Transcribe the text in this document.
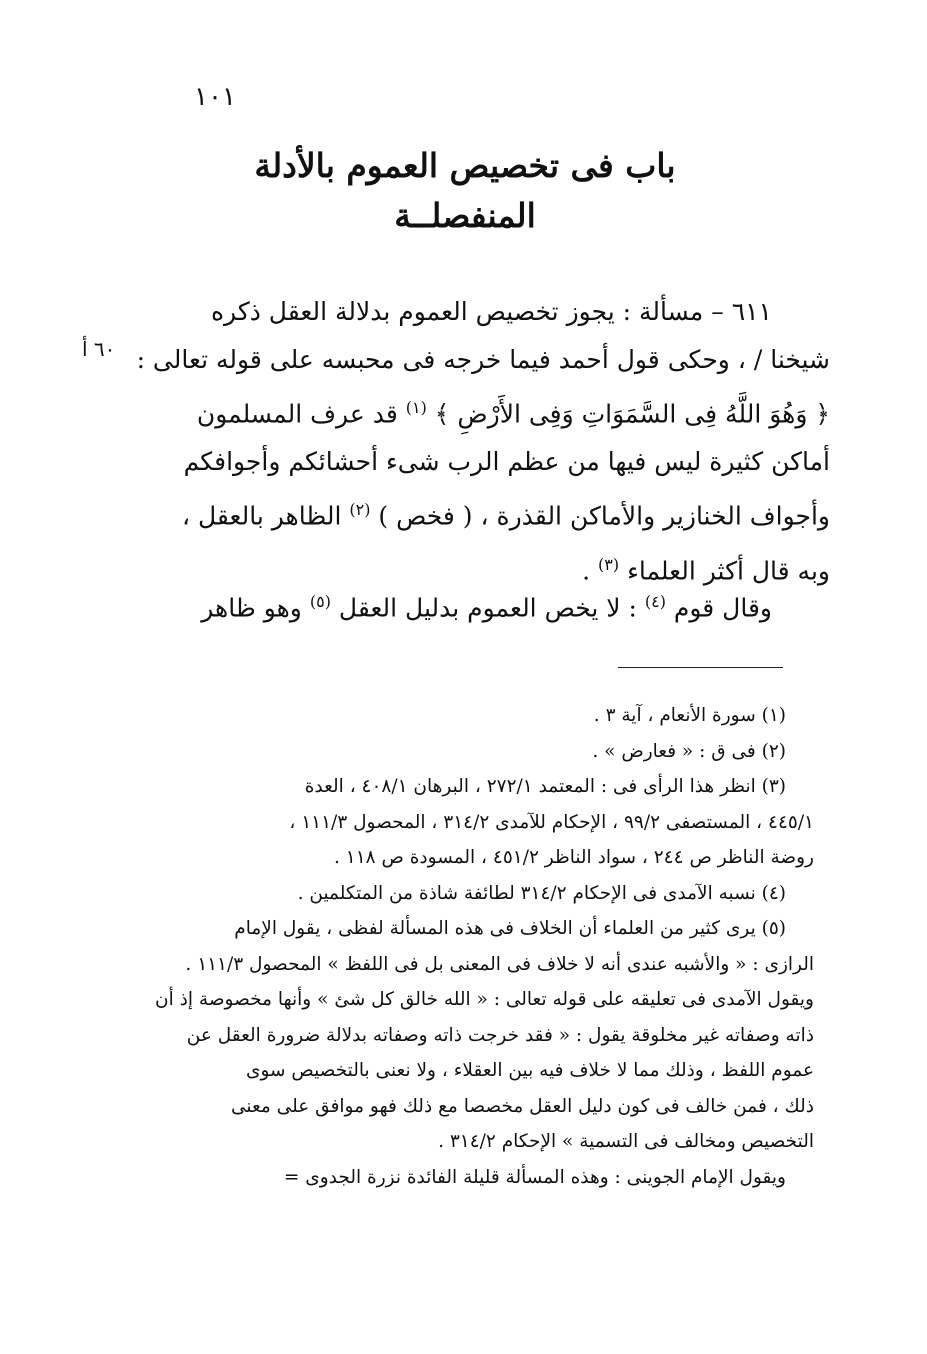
١٠١
باب فى تخصيص العموم بالأدلة
المنفصلــة
٦٠ أ
٦١١ – مسألة : يجوز تخصيص العموم بدلالة العقل ذكره
شيخنا / ، وحكى قول أحمد فيما خرجه فى محبسه على قوله تعالى :
﴿ وَهُوَ اللَّهُ فِى السَّمَوَاتِ وَفِى الأَرْضِ ﴾ $^{(١)}$ قد عرف المسلمون
أماكن كثيرة ليس فيها من عظم الرب شىء أحشائكم وأجوافكم
وأجواف الخنازير والأماكن القذرة ، ( فخص ) $^{(٢)}$ الظاهر بالعقل ،
وبه قال أكثر العلماء $^{(٣)}$ .
وقال قوم $^{(٤)}$ : لا يخص العموم بدليل العقل $^{(٥)}$ وهو ظاهر
(١) سورة الأنعام ، آية ٣ .
(٢) فى ق : « فعارض » .
(٣) انظر هذا الرأى فى : المعتمد ٢٧٢/١ ، البرهان ٤٠٨/١ ، العدة
٤٤٥/١ ، المستصفى ٩٩/٢ ، الإحكام للآمدى ٣١٤/٢ ، المحصول ١١١/٣ ،
روضة الناظر ص ٢٤٤ ، سواد الناظر ٤٥١/٢ ، المسودة ص ١١٨ .
(٤) نسبه الآمدى فى الإحكام ٣١٤/٢ لطائفة شاذة من المتكلمين .
(٥) يرى كثير من العلماء أن الخلاف فى هذه المسألة لفظى ، يقول الإمام
الرازى : « والأشبه عندى أنه لا خلاف فى المعنى بل فى اللفظ » المحصول ١١١/٣ .
ويقول الآمدى فى تعليقه على قوله تعالى : « الله خالق كل شئ » وأنها مخصوصة إذ أن
ذاته وصفاته غير مخلوقة يقول : « فقد خرجت ذاته وصفاته بدلالة ضرورة العقل عن
عموم اللفظ ، وذلك مما لا خلاف فيه بين العقلاء ، ولا نعنى بالتخصيص سوى
ذلك ، فمن خالف فى كون دليل العقل مخصصا مع ذلك فهو موافق على معنى
التخصيص ومخالف فى التسمية » الإحكام ٣١٤/٢ .
ويقول الإمام الجوينى : وهذه المسألة قليلة الفائدة نزرة الجدوى =
